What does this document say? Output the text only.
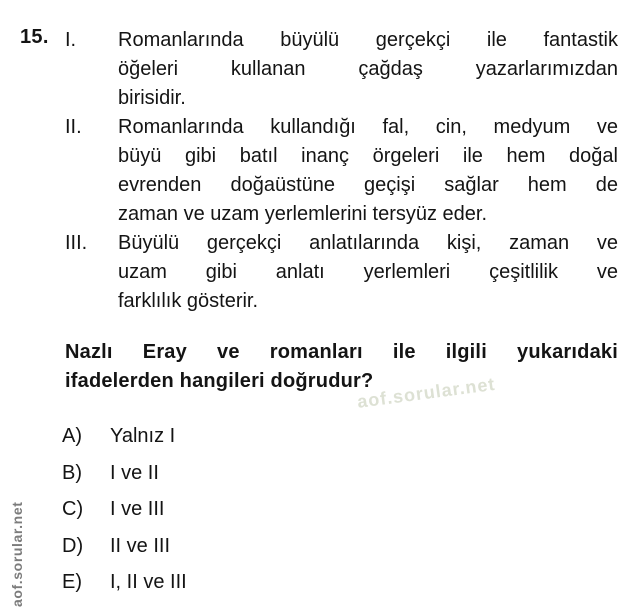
15. I.	Romanlarında büyülü gerçekçi ile fantastik
öğeleri kullanan çağdaş yazarlarımızdan
birisidir.
II.	Romanlarında kullandığı fal, cin, medyum ve
büyü gibi batıl inanç örgeleri ile hem doğal
evrenden doğaüstüne geçişi sağlar hem de
zaman ve uzam yerlemlerini tersyüz eder.
III.	Büyülü gerçekçi anlatılarında kişi, zaman ve
uzam gibi anlatı yerlemleri çeşitlilik ve
farklılık gösterir.
Nazlı Eray ve romanları ile ilgili yukarıdaki
ifadelerden hangileri doğrudur?
A)	Yalnız I
B)	I ve II
C)	I ve III
D)	II ve III
E)	I, II ve III
aof.sorular.net
aof.sorular.net
